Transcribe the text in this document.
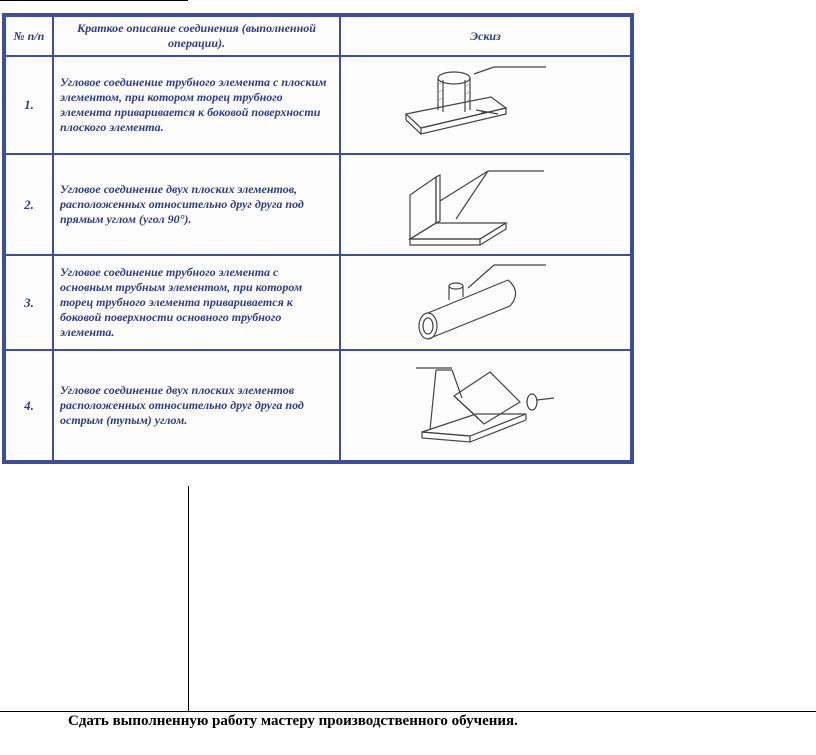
№ п/п
Краткое описание соединения (выполненной операции).
Эскиз
1.
Угловое соединение трубного элемента с плоским элементом, при котором торец трубного элемента приваривается к боковой поверхности плоского элемента.
2.
Угловое соединение двух плоских элементов, расположенных относительно друг друга под прямым углом (угол 90°).
3.
Угловое соединение трубного элемента с основным трубным элементом, при котором торец трубного элемента приваривается к боковой поверхности основного трубного элемента.
4.
Угловое соединение двух плоских элементов расположенных относительно друг друга под острым (тупым) углом.
Сдать выполненную работу мастеру производственного обучения.
